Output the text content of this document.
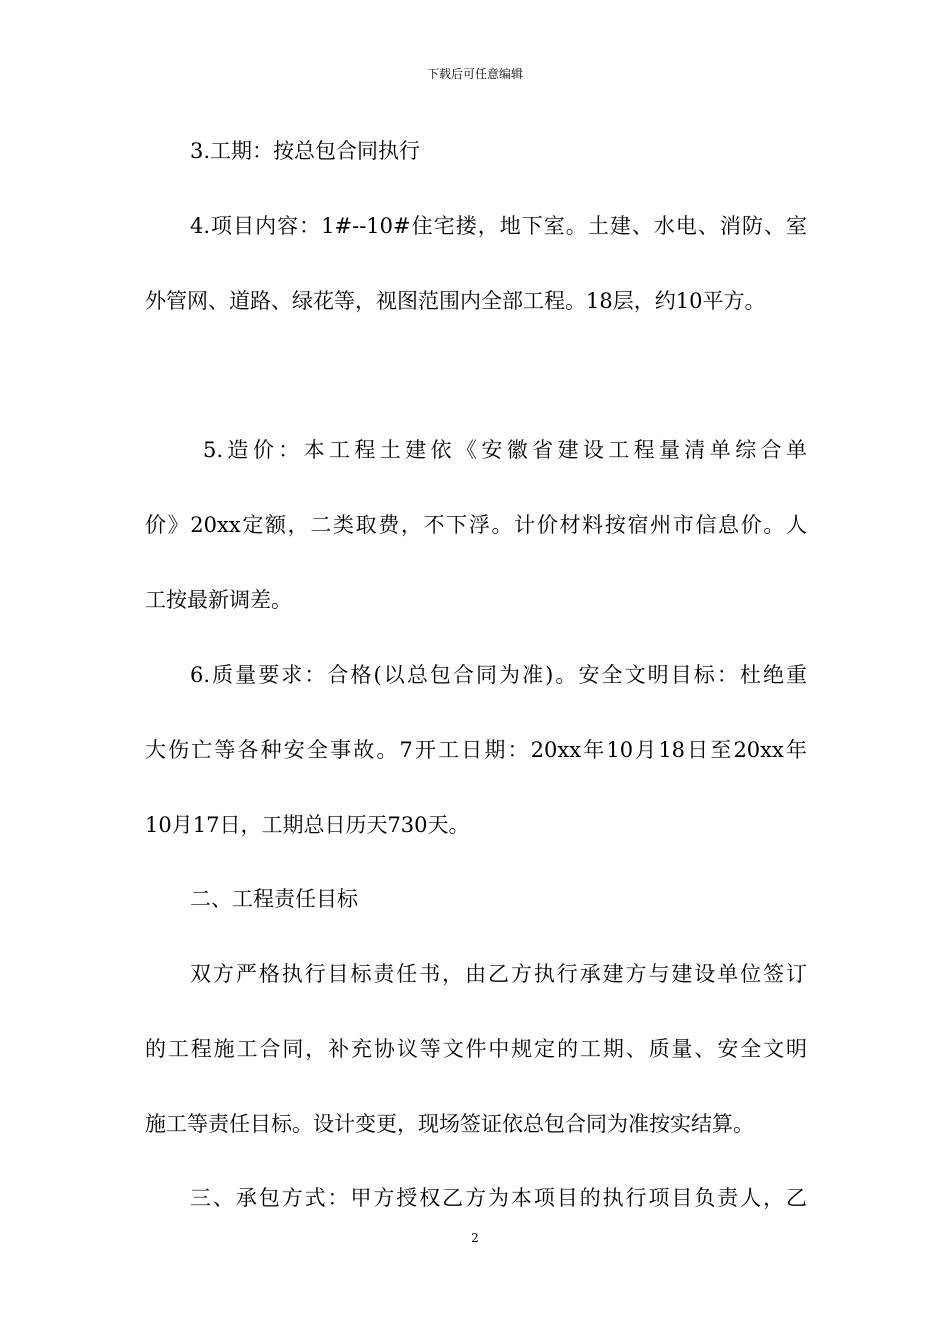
下载后可任意编辑
3.工期：按总包合同执行
4.项目内容：1#--10#住宅搂，地下室。土建、水电、消防、室
外管网、道路、绿花等，视图范围内全部工程。18层，约10平方。
5.造价：本工程土建依《安徽省建设工程量清单综合单
价》20xx定额，二类取费，不下浮。计价材料按宿州市信息价。人
工按最新调差。
6.质量要求：合格(以总包合同为准)。安全文明目标：杜绝重
大伤亡等各种安全事故。7开工日期：20xx年10月18日至20xx年
10月17日，工期总日历天730天。
二、工程责任目标
双方严格执行目标责任书，由乙方执行承建方与建设单位签订
的工程施工合同，补充协议等文件中规定的工期、质量、安全文明
施工等责任目标。设计变更，现场签证依总包合同为准按实结算。
三、承包方式：甲方授权乙方为本项目的执行项目负责人，乙
2
